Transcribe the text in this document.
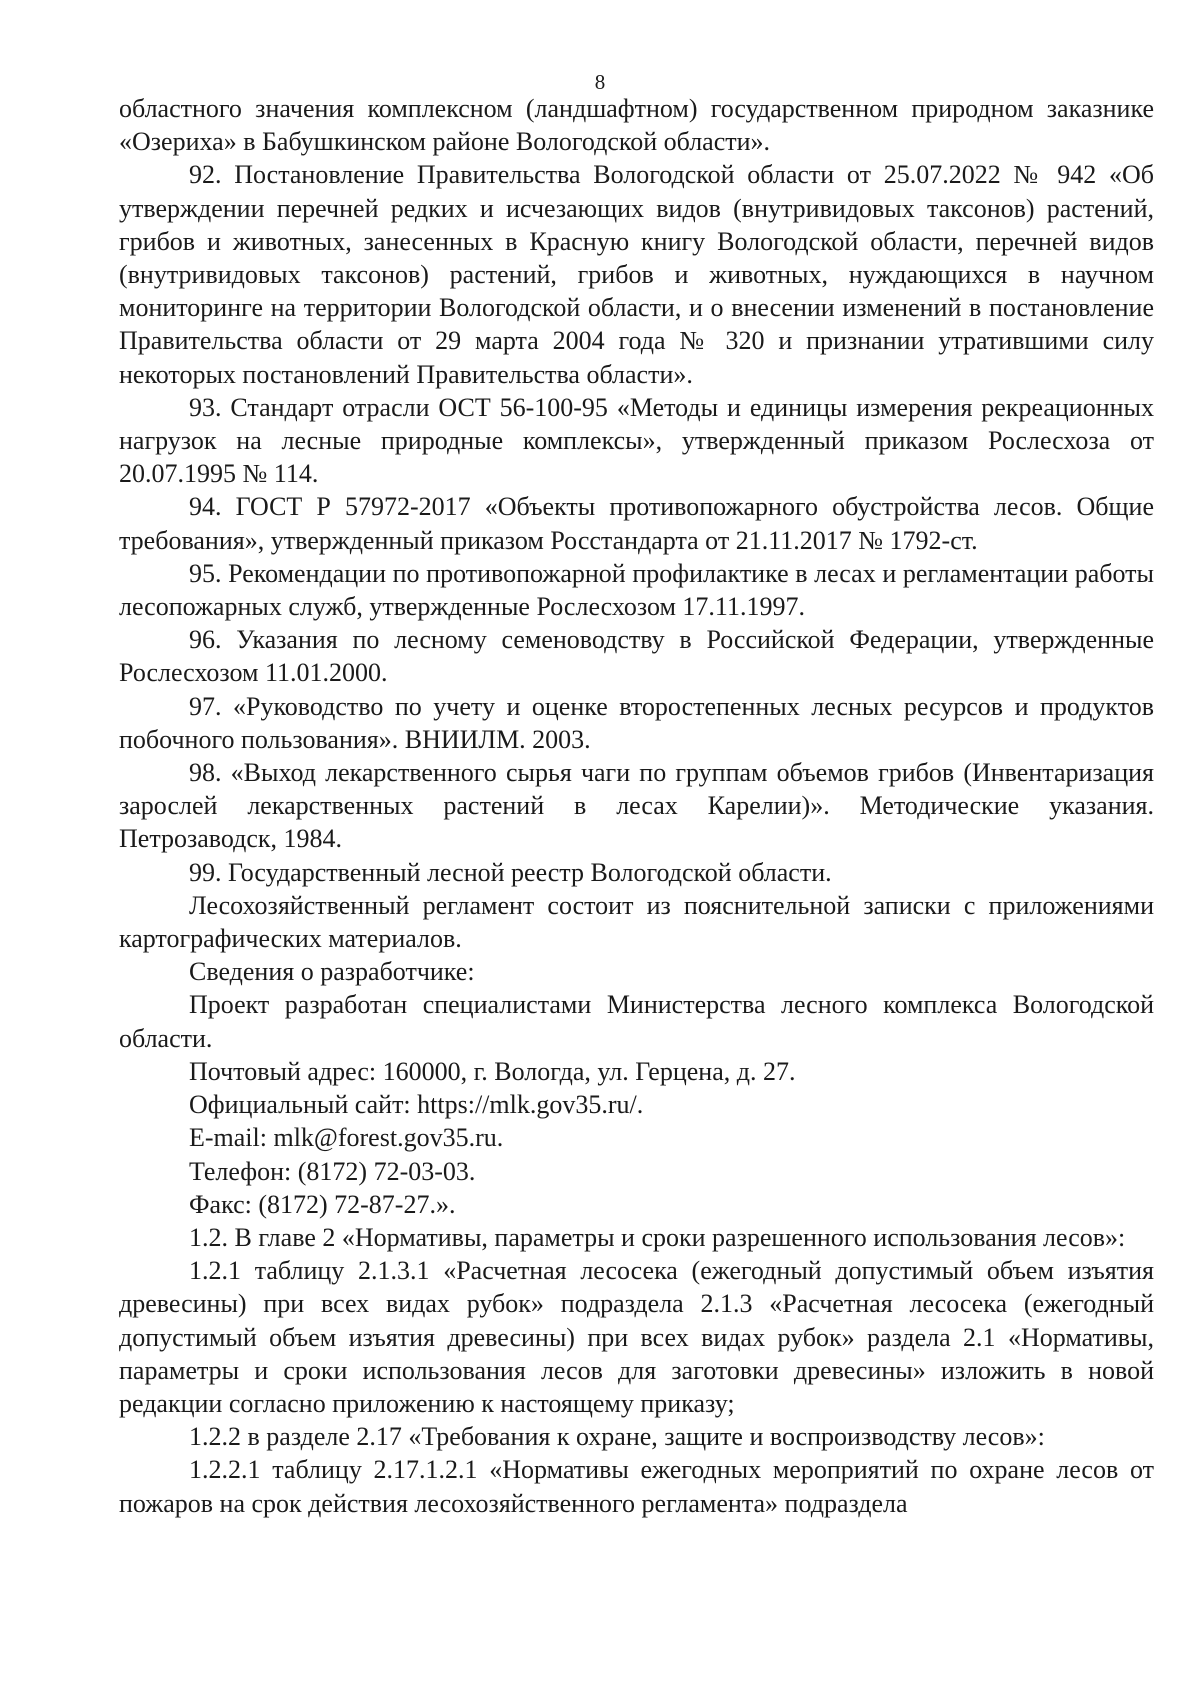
8

областного значения комплексном (ландшафтном) государственном природном заказнике «Озериха» в Бабушкинском районе Вологодской области».

92. Постановление Правительства Вологодской области от 25.07.2022 № 942 «Об утверждении перечней редких и исчезающих видов (внутривидовых таксонов) растений, грибов и животных, занесенных в Красную книгу Вологодской области, перечней видов (внутривидовых таксонов) растений, грибов и животных, нуждающихся в научном мониторинге на территории Вологодской области, и о внесении изменений в постановление Правительства области от 29 марта 2004 года № 320 и признании утратившими силу некоторых постановлений Правительства области».

93. Стандарт отрасли ОСТ 56-100-95 «Методы и единицы измерения рекреационных нагрузок на лесные природные комплексы», утвержденный приказом Рослесхоза от 20.07.1995 № 114.

94. ГОСТ Р 57972-2017 «Объекты противопожарного обустройства лесов. Общие требования», утвержденный приказом Росстандарта от 21.11.2017 № 1792-ст.

95. Рекомендации по противопожарной профилактике в лесах и регламентации работы лесопожарных служб, утвержденные Рослесхозом 17.11.1997.

96. Указания по лесному семеноводству в Российской Федерации, утвержденные Рослесхозом 11.01.2000.

97. «Руководство по учету и оценке второстепенных лесных ресурсов и продуктов побочного пользования». ВНИИЛМ. 2003.

98. «Выход лекарственного сырья чаги по группам объемов грибов (Инвентаризация зарослей лекарственных растений в лесах Карелии)». Методические указания. Петрозаводск, 1984.

99. Государственный лесной реестр Вологодской области.

Лесохозяйственный регламент состоит из пояснительной записки с приложениями картографических материалов.

Сведения о разработчике:

Проект разработан специалистами Министерства лесного комплекса Вологодской области.

Почтовый адрес: 160000, г. Вологда, ул. Герцена, д. 27.

Официальный сайт: https://mlk.gov35.ru/.

E-mail: mlk@forest.gov35.ru.

Телефон: (8172) 72-03-03.

Факс: (8172) 72-87-27.».

1.2. В главе 2 «Нормативы, параметры и сроки разрешенного использования лесов»:

1.2.1 таблицу 2.1.3.1 «Расчетная лесосека (ежегодный допустимый объем изъятия древесины) при всех видах рубок» подраздела 2.1.3 «Расчетная лесосека (ежегодный допустимый объем изъятия древесины) при всех видах рубок» раздела 2.1 «Нормативы, параметры и сроки использования лесов для заготовки древесины» изложить в новой редакции согласно приложению к настоящему приказу;

1.2.2 в разделе 2.17 «Требования к охране, защите и воспроизводству лесов»:

1.2.2.1 таблицу 2.17.1.2.1 «Нормативы ежегодных мероприятий по охране лесов от пожаров на срок действия лесохозяйственного регламента» подраздела
